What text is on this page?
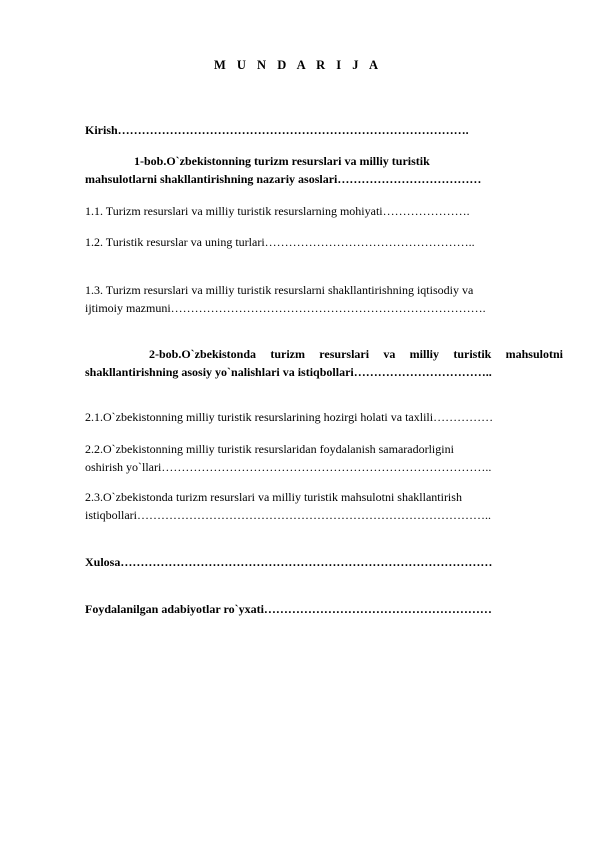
M U N D A R I J A
Kirish…………………………………………………………………………….
1-bob.O`zbekistonning turizm resurslari va milliy turistik
mahsulotlarni shakllantirishning nazariy asoslari………………………………
1.1. Turizm resurslari va milliy turistik resurslarning mohiyati………………….
1.2. Turistik resurslar va uning turlari……………………………………………..
1.3. Turizm resurslari va milliy turistik resurslarni shakllantirishning iqtisodiy va
ijtimoiy mazmuni…………………………………………………………………….
2-bob.O`zbekistonda turizm resurslari va milliy turistik mahsulotni
shakllantirishning asosiy yo`nalishlari va istiqbollari……………………………..
2.1.O`zbekistonning milliy turistik resurslarining hozirgi holati va taxlili……………
2.2.O`zbekistonning milliy turistik resurslaridan foydalanish samaradorligini
oshirish yo`llari………………………………………………………………………..
2.3.O`zbekistonda turizm resurslari va milliy turistik mahsulotni shakllantirish
istiqbollari……………………………………………………………………………..
Xulosa…………………………………………………………………………………
Foydalanilgan adabiyotlar ro`yxati…………………………………………………
